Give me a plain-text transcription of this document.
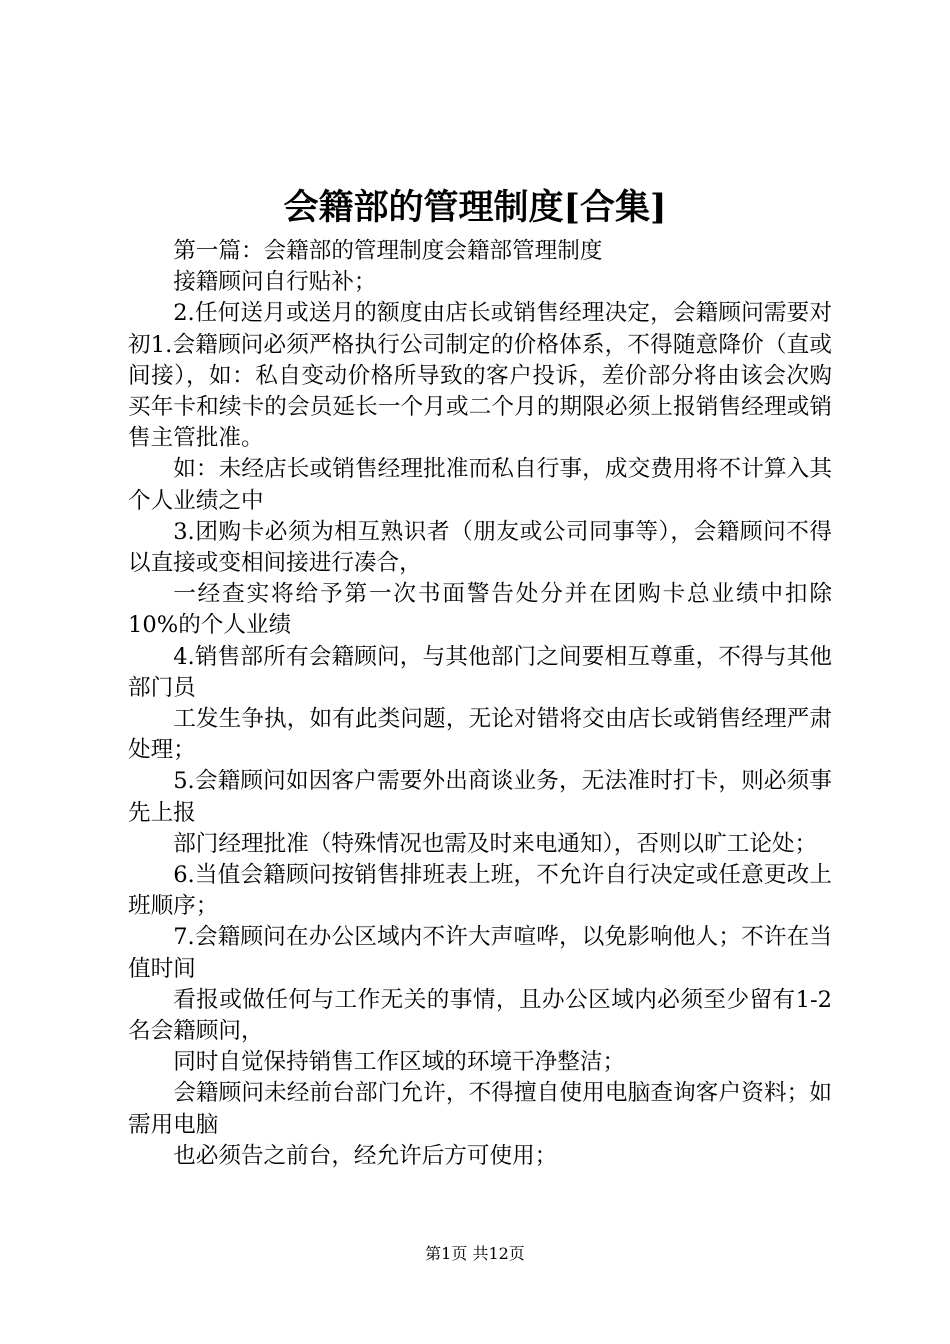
会籍部的管理制度[合集]

第一篇：会籍部的管理制度会籍部管理制度

接籍顾问自行贴补；

2.任何送月或送月的额度由店长或销售经理决定，会籍顾问需要对初1.会籍顾问必须严格执行公司制定的价格体系，不得随意降价（直或间接），如：私自变动价格所导致的客户投诉，差价部分将由该会次购买年卡和续卡的会员延长一个月或二个月的期限必须上报销售经理或销售主管批准。

如：未经店长或销售经理批准而私自行事，成交费用将不计算入其个人业绩之中

3.团购卡必须为相互熟识者（朋友或公司同事等），会籍顾问不得以直接或变相间接进行凑合，

一经查实将给予第一次书面警告处分并在团购卡总业绩中扣除10%的个人业绩

4.销售部所有会籍顾问，与其他部门之间要相互尊重，不得与其他部门员

工发生争执，如有此类问题，无论对错将交由店长或销售经理严肃处理；

5.会籍顾问如因客户需要外出商谈业务，无法准时打卡，则必须事先上报

部门经理批准（特殊情况也需及时来电通知），否则以旷工论处；

6.当值会籍顾问按销售排班表上班，不允许自行决定或任意更改上班顺序；

7.会籍顾问在办公区域内不许大声喧哗，以免影响他人；不许在当值时间

看报或做任何与工作无关的事情，且办公区域内必须至少留有1-2名会籍顾问，

同时自觉保持销售工作区域的环境干净整洁；

会籍顾问未经前台部门允许，不得擅自使用电脑查询客户资料；如需用电脑

也必须告之前台，经允许后方可使用；

第1页 共12页
